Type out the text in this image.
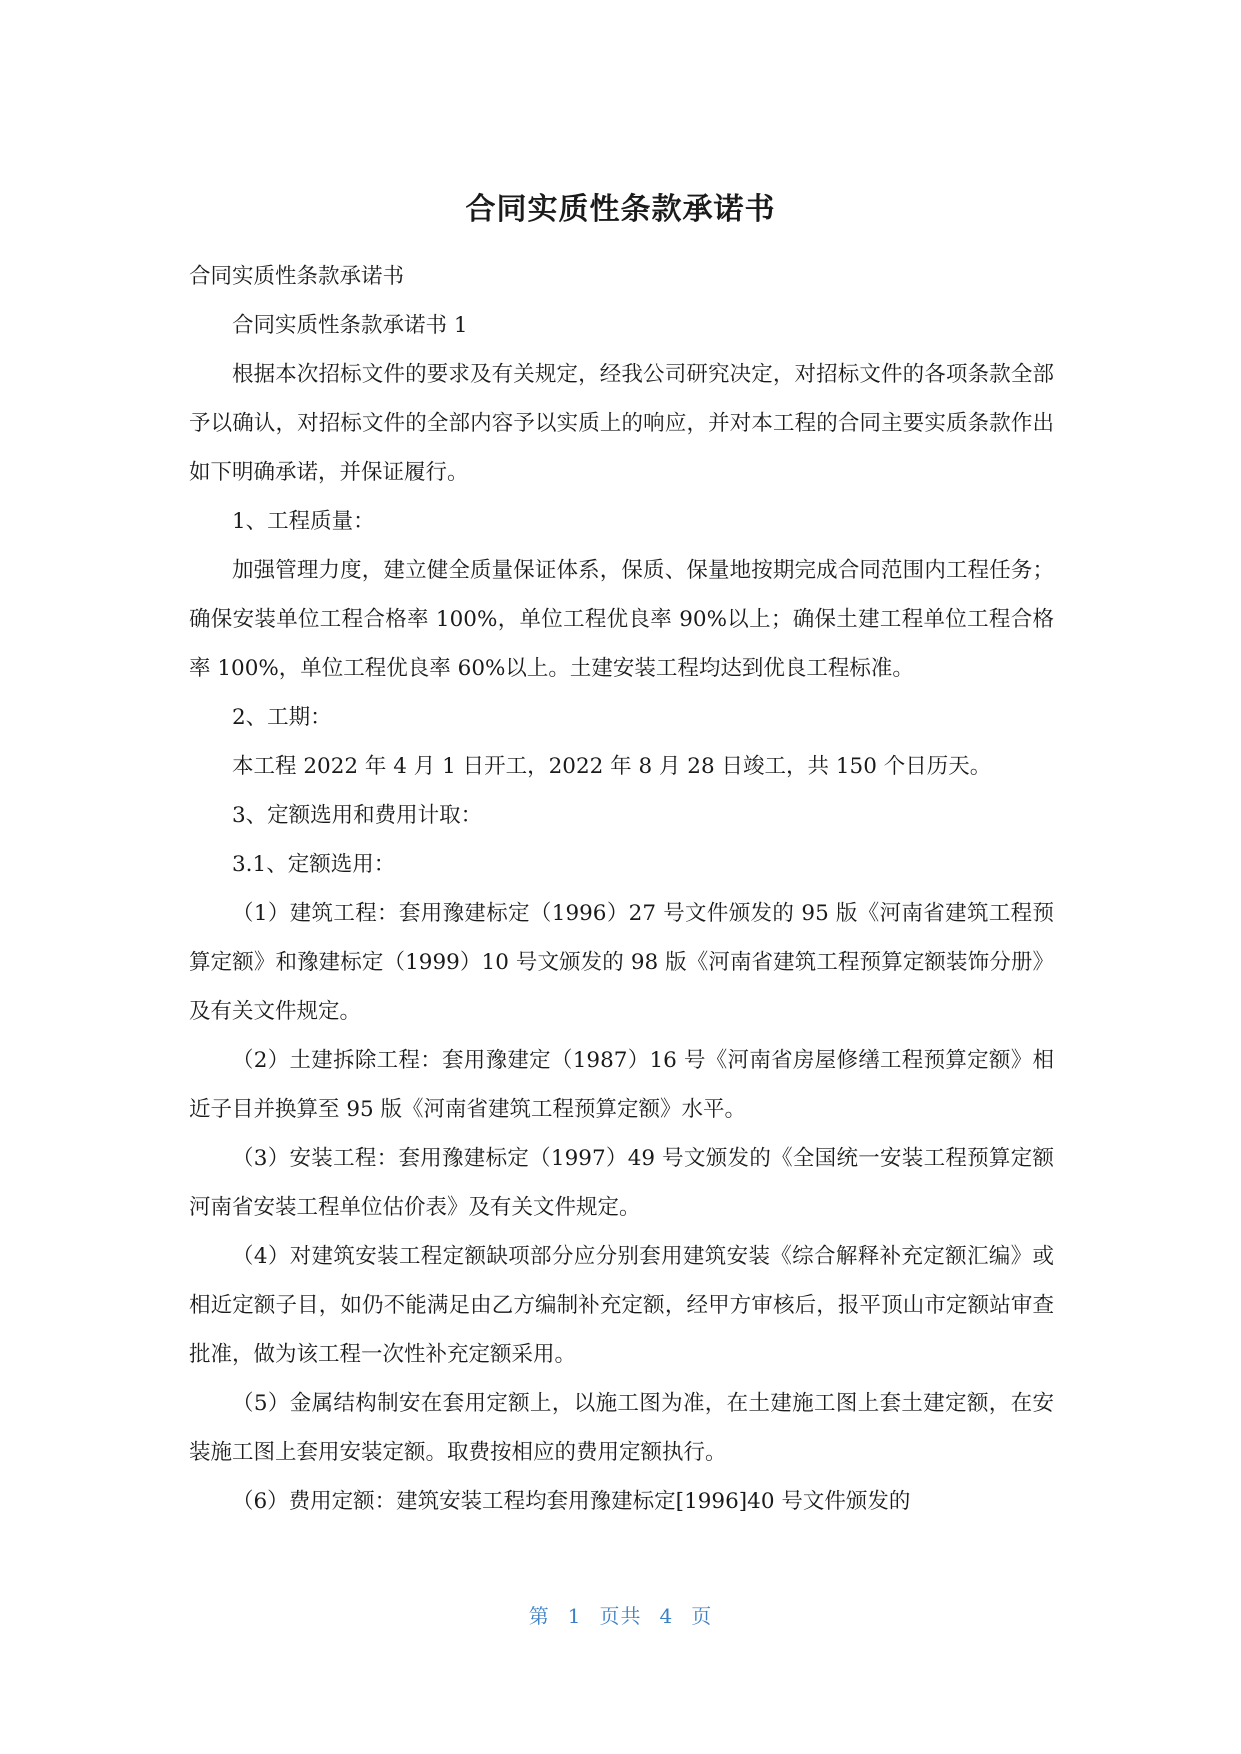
合同实质性条款承诺书

合同实质性条款承诺书

合同实质性条款承诺书 1

根据本次招标文件的要求及有关规定，经我公司研究决定，对招标文件的各项条款全部予以确认，对招标文件的全部内容予以实质上的响应，并对本工程的合同主要实质条款作出如下明确承诺，并保证履行。

1、工程质量：

加强管理力度，建立健全质量保证体系，保质、保量地按期完成合同范围内工程任务；确保安装单位工程合格率 100%，单位工程优良率 90%以上；确保土建工程单位工程合格率 100%，单位工程优良率 60%以上。土建安装工程均达到优良工程标准。

2、工期：

本工程 2022 年 4 月 1 日开工，2022 年 8 月 28 日竣工，共 150 个日历天。

3、定额选用和费用计取：

3.1、定额选用：

（1）建筑工程：套用豫建标定（1996）27 号文件颁发的 95 版《河南省建筑工程预算定额》和豫建标定（1999）10 号文颁发的 98 版《河南省建筑工程预算定额装饰分册》及有关文件规定。

（2）土建拆除工程：套用豫建定（1987）16 号《河南省房屋修缮工程预算定额》相近子目并换算至 95 版《河南省建筑工程预算定额》水平。

（3）安装工程：套用豫建标定（1997）49 号文颁发的《全国统一安装工程预算定额河南省安装工程单位估价表》及有关文件规定。

（4）对建筑安装工程定额缺项部分应分别套用建筑安装《综合解释补充定额汇编》或相近定额子目，如仍不能满足由乙方编制补充定额，经甲方审核后，报平顶山市定额站审查批准，做为该工程一次性补充定额采用。

（5）金属结构制安在套用定额上，以施工图为准，在土建施工图上套土建定额，在安装施工图上套用安装定额。取费按相应的费用定额执行。

（6）费用定额：建筑安装工程均套用豫建标定[1996]40 号文件颁发的

第 1 页共 4 页
